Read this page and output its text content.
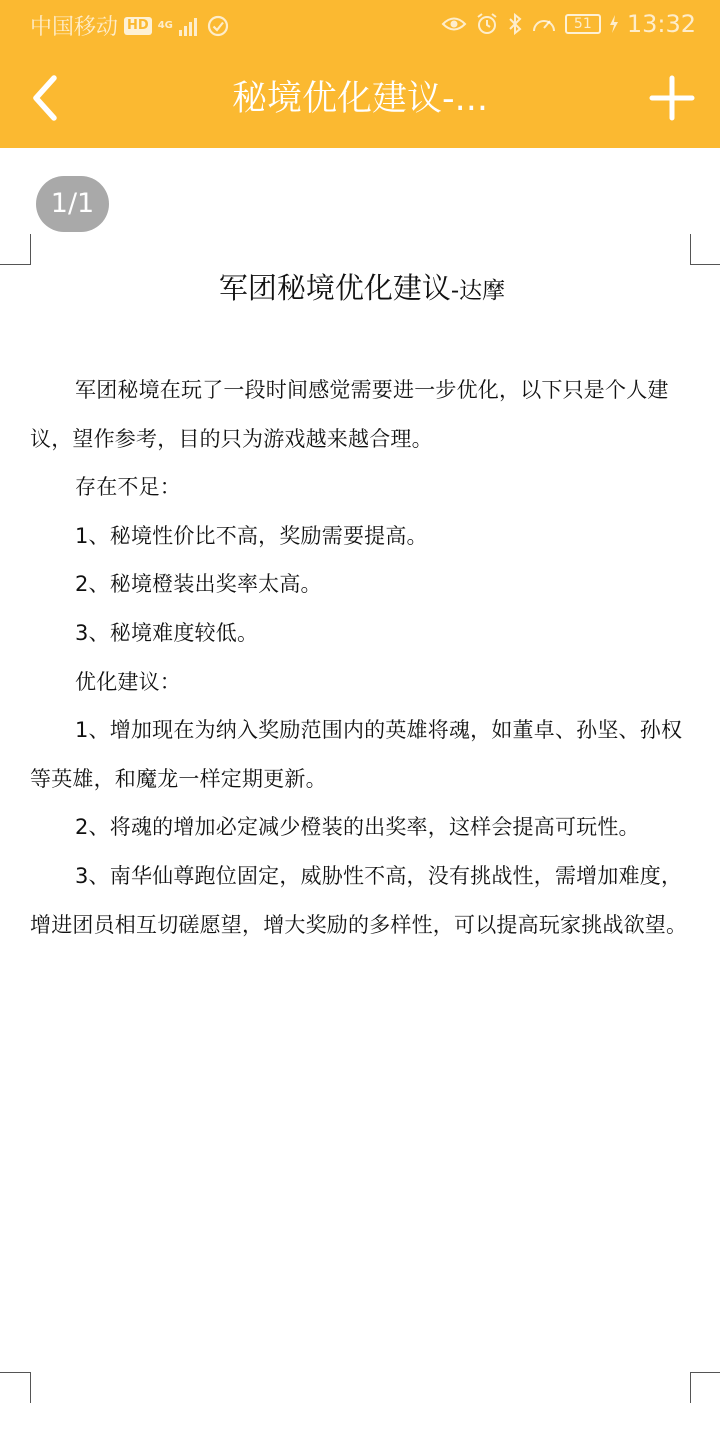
中国移动 HD 4G	51	13:32
秘境优化建议-...
1/1
军团秘境优化建议-达摩

军团秘境在玩了一段时间感觉需要进一步优化，以下只是个人建议，望作参考，目的只为游戏越来越合理。

存在不足：

1、秘境性价比不高，奖励需要提高。

2、秘境橙装出奖率太高。

3、秘境难度较低。

优化建议：

1、增加现在为纳入奖励范围内的英雄将魂，如董卓、孙坚、孙权等英雄，和魔龙一样定期更新。

2、将魂的增加必定减少橙装的出奖率，这样会提高可玩性。

3、南华仙尊跑位固定，威胁性不高，没有挑战性，需增加难度，增进团员相互切磋愿望，增大奖励的多样性，可以提高玩家挑战欲望。
